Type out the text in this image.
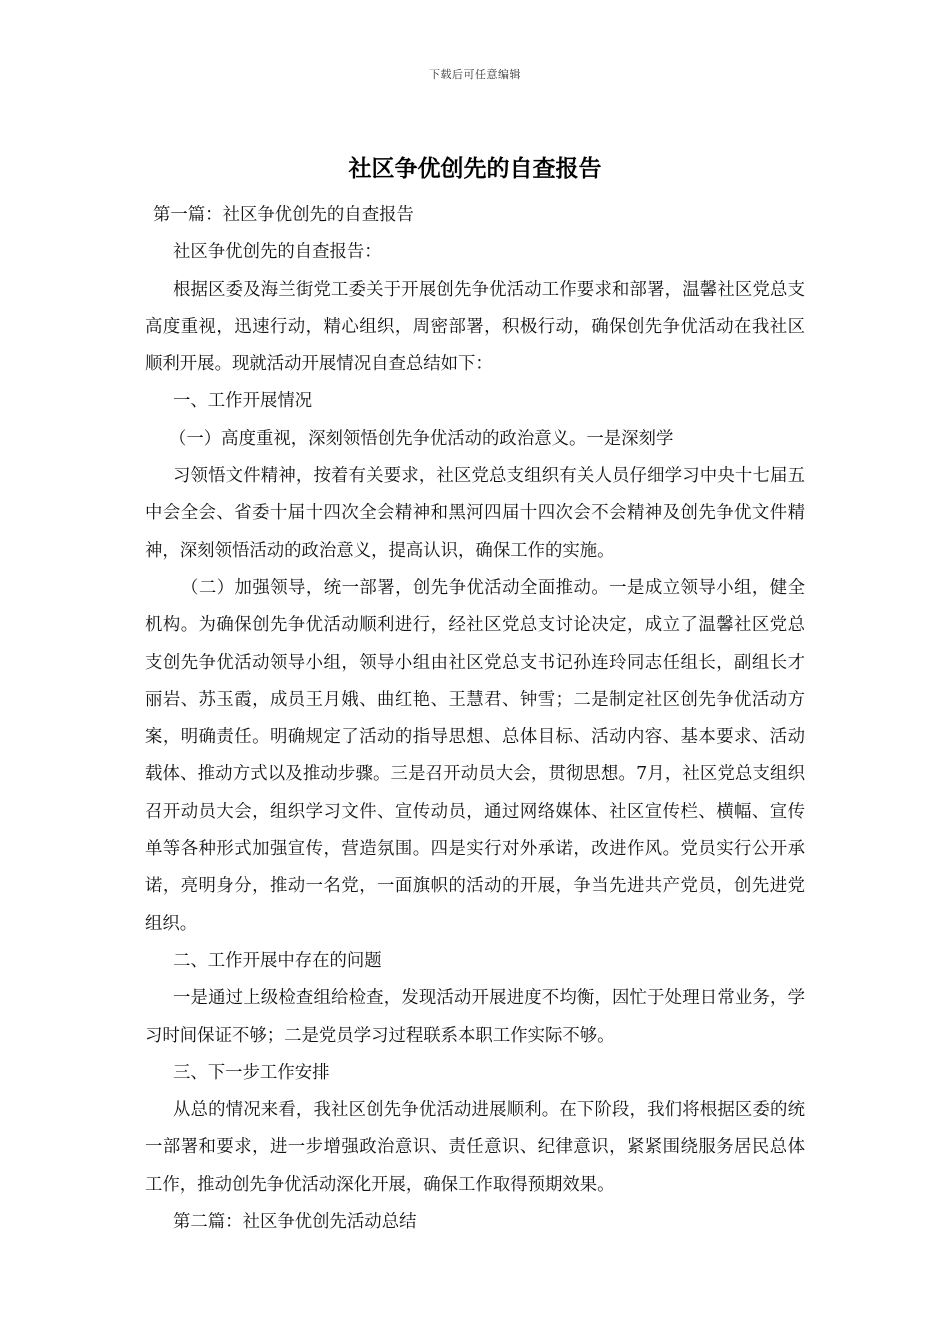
下载后可任意编辑
社区争优创先的自查报告

第一篇：社区争优创先的自查报告

社区争优创先的自查报告：

根据区委及海兰街党工委关于开展创先争优活动工作要求和部署，温馨社区党总支高度重视，迅速行动，精心组织，周密部署，积极行动，确保创先争优活动在我社区顺利开展。现就活动开展情况自查总结如下：

一、工作开展情况

（一）高度重视，深刻领悟创先争优活动的政治意义。一是深刻学

习领悟文件精神，按着有关要求，社区党总支组织有关人员仔细学习中央十七届五中会全会、省委十届十四次全会精神和黑河四届十四次会不会精神及创先争优文件精神，深刻领悟活动的政治意义，提高认识，确保工作的实施。

（二）加强领导，统一部署，创先争优活动全面推动。一是成立领导小组，健全机构。为确保创先争优活动顺利进行，经社区党总支讨论决定，成立了温馨社区党总支创先争优活动领导小组，领导小组由社区党总支书记孙连玲同志任组长，副组长才丽岩、苏玉霞，成员王月娥、曲红艳、王慧君、钟雪；二是制定社区创先争优活动方案，明确责任。明确规定了活动的指导思想、总体目标、活动内容、基本要求、活动载体、推动方式以及推动步骤。三是召开动员大会，贯彻思想。7月，社区党总支组织召开动员大会，组织学习文件、宣传动员，通过网络媒体、社区宣传栏、横幅、宣传单等各种形式加强宣传，营造氛围。四是实行对外承诺，改进作风。党员实行公开承诺，亮明身分，推动一名党，一面旗帜的活动的开展，争当先进共产党员，创先进党组织。

二、工作开展中存在的问题

一是通过上级检查组给检查，发现活动开展进度不均衡，因忙于处理日常业务，学习时间保证不够；二是党员学习过程联系本职工作实际不够。

三、下一步工作安排

从总的情况来看，我社区创先争优活动进展顺利。在下阶段，我们将根据区委的统一部署和要求，进一步增强政治意识、责任意识、纪律意识，紧紧围绕服务居民总体工作，推动创先争优活动深化开展，确保工作取得预期效果。

第二篇：社区争优创先活动总结
